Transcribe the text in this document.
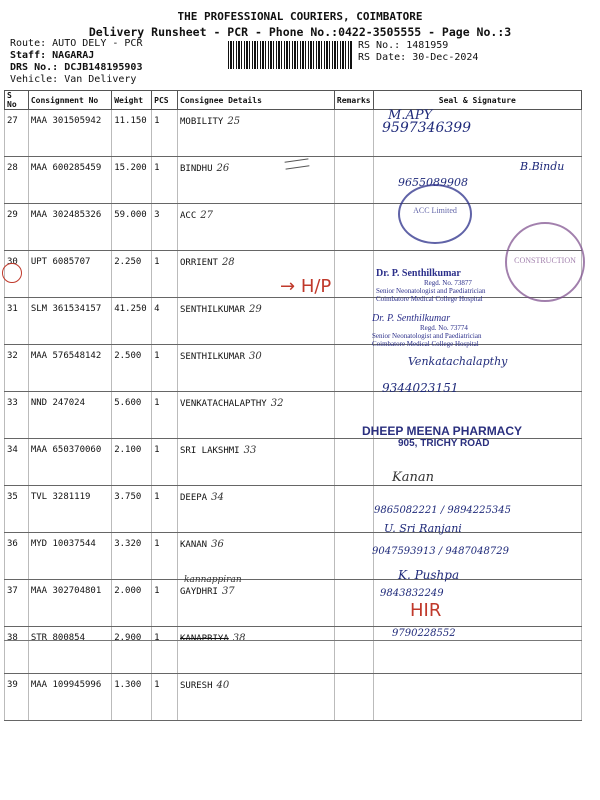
THE PROFESSIONAL COURIERS, COIMBATORE
Delivery Runsheet - PCR - Phone No.:0422-3505555 - Page No.:3
Route: AUTO DELY - PCR
Staff: NAGARAJ
DRS No.: DCJB148195903
Vehicle: Van Delivery
RS No.: 1481959
RS Date: 30-Dec-2024
S No	Consignment No	Weight	PCS	Consignee Details	Remarks	Seal & Signature
27	MAA 301505942	11.150	1	MOBILITY 25		
28	MAA 600285459	15.200	1	BINDHU 26		
29	MAA 302485326	59.000	3	ACC 27		
30	UPT 6085707	2.250	1	ORRIENT 28		
31	SLM 361534157	41.250	4	SENTHILKUMAR 29		
32	MAA 576548142	2.500	1	SENTHILKUMAR 30		
33	NND 247024	5.600	1	VENKATACHALAPTHY 32		
34	MAA 650370060	2.100	1	SRI LAKSHMI 33		
35	TVL 3281119	3.750	1	DEEPA 34		
36	MYD 10037544	3.320	1	KANAN 36		
37	MAA 302704801	2.000	1	GAYDHRI 37		
38	STR 800854	2.900	1	KANAPRIYA 38		
39	MAA 109945996	1.300	1	SURESH 40		
→ H/P
M.APY
9597346399
9655089908
B.Bindu
ACC Limited
CONSTRUCTION
Dr. P. Senthilkumar
Regd. No. 73877
Senior Neonatologist and Paediatrician
Coimbatore Medical College Hospital
Dr. P. Senthilkumar
Regd. No. 73774
Senior Neonatologist and Paediatrician
Coimbatore Medical College Hospital
Venkatachalapthy
9344023151
DHEEP MEENA PHARMACY
905, TRICHY ROAD
Kanan
9865082221 / 9894225345
U. Sri Ranjani
9047593913 / 9487048729
K. Pushpa
9843832249
HIR
9790228552
kannappiran
